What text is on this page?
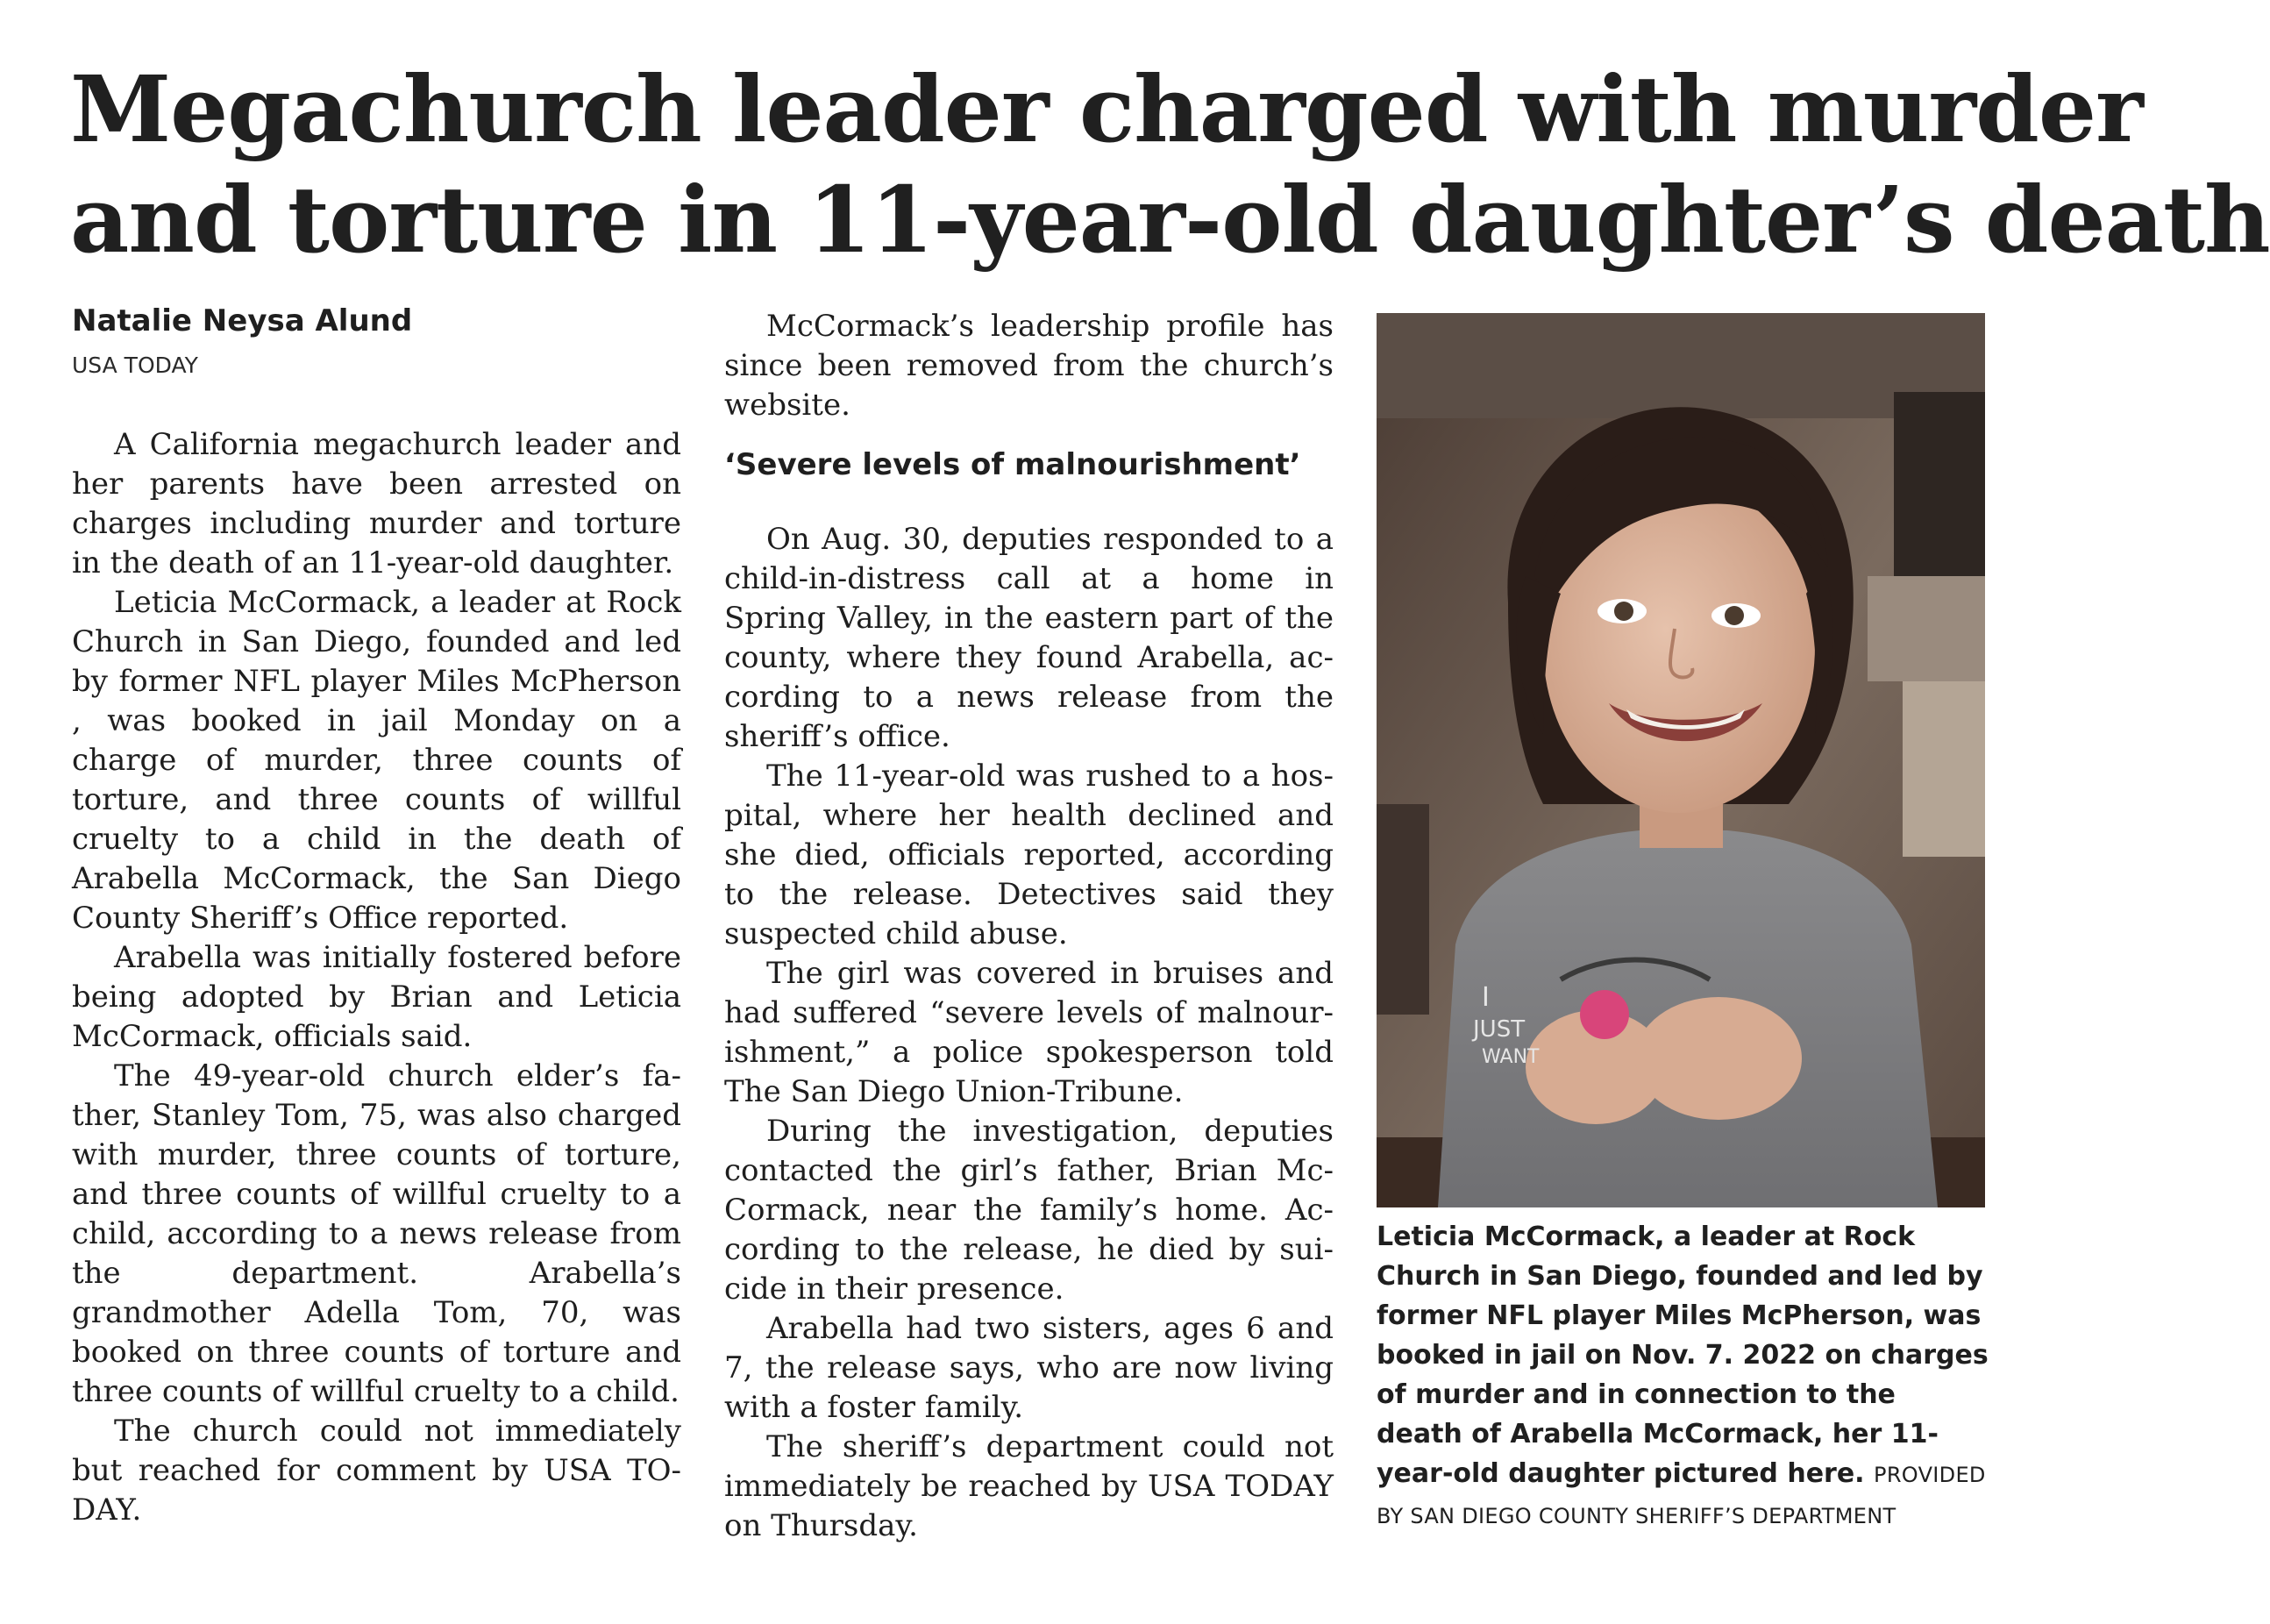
Megachurch leader charged with murder
and torture in 11-year-old daughter’s death
Natalie Neysa Alund
USA TODAY

A California megachurch leader and her parents have been arrested on charges including murder and torture in the death of an 11-year-old daughter.

Leticia McCormack, a leader at Rock Church in San Diego, founded and led by former NFL player Miles McPherson , was booked in jail Monday on a charge of murder, three counts of torture, and three counts of willful cruelty to a child in the death of Arabella McCormack, the San Diego County Sheriff’s Office reported.

Arabella was initially fostered before being adopted by Brian and Leticia McCormack, officials said.

The 49-year-old church elder’s father, Stanley Tom, 75, was also charged with murder, three counts of torture, and three counts of willful cruelty to a child, according to a news release from the department. Arabella’s grandmother Adella Tom, 70, was booked on three counts of torture and three counts of willful cruelty to a child.

The church could not immediately but reached for comment by USA TODAY.

McCormack’s leadership profile has since been removed from the church’s website.

‘Severe levels of malnourishment’

On Aug. 30, deputies responded to a child-in-distress call at a home in Spring Valley, in the eastern part of the county, where they found Arabella, according to a news release from the sheriff’s office.

The 11-year-old was rushed to a hospital, where her health declined and she died, officials reported, according to the release. Detectives said they suspected child abuse.

The girl was covered in bruises and had suffered “severe levels of malnourishment,” a police spokesperson told The San Diego Union-Tribune.

During the investigation, deputies contacted the girl’s father, Brian McCormack, near the family’s home. According to the release, he died by suicide in their presence.

Arabella had two sisters, ages 6 and 7, the release says, who are now living with a foster family.

The sheriff’s department could not immediately be reached by USA TODAY on Thursday.

I
JUST
WANT
Leticia McCormack, a leader at Rock Church in San Diego, founded and led by former NFL player Miles McPherson, was booked in jail on Nov. 7. 2022 on charges of murder and in connection to the death of Arabella McCormack, her 11-year-old daughter pictured here. PROVIDED BY SAN DIEGO COUNTY SHERIFF’S DEPARTMENT
